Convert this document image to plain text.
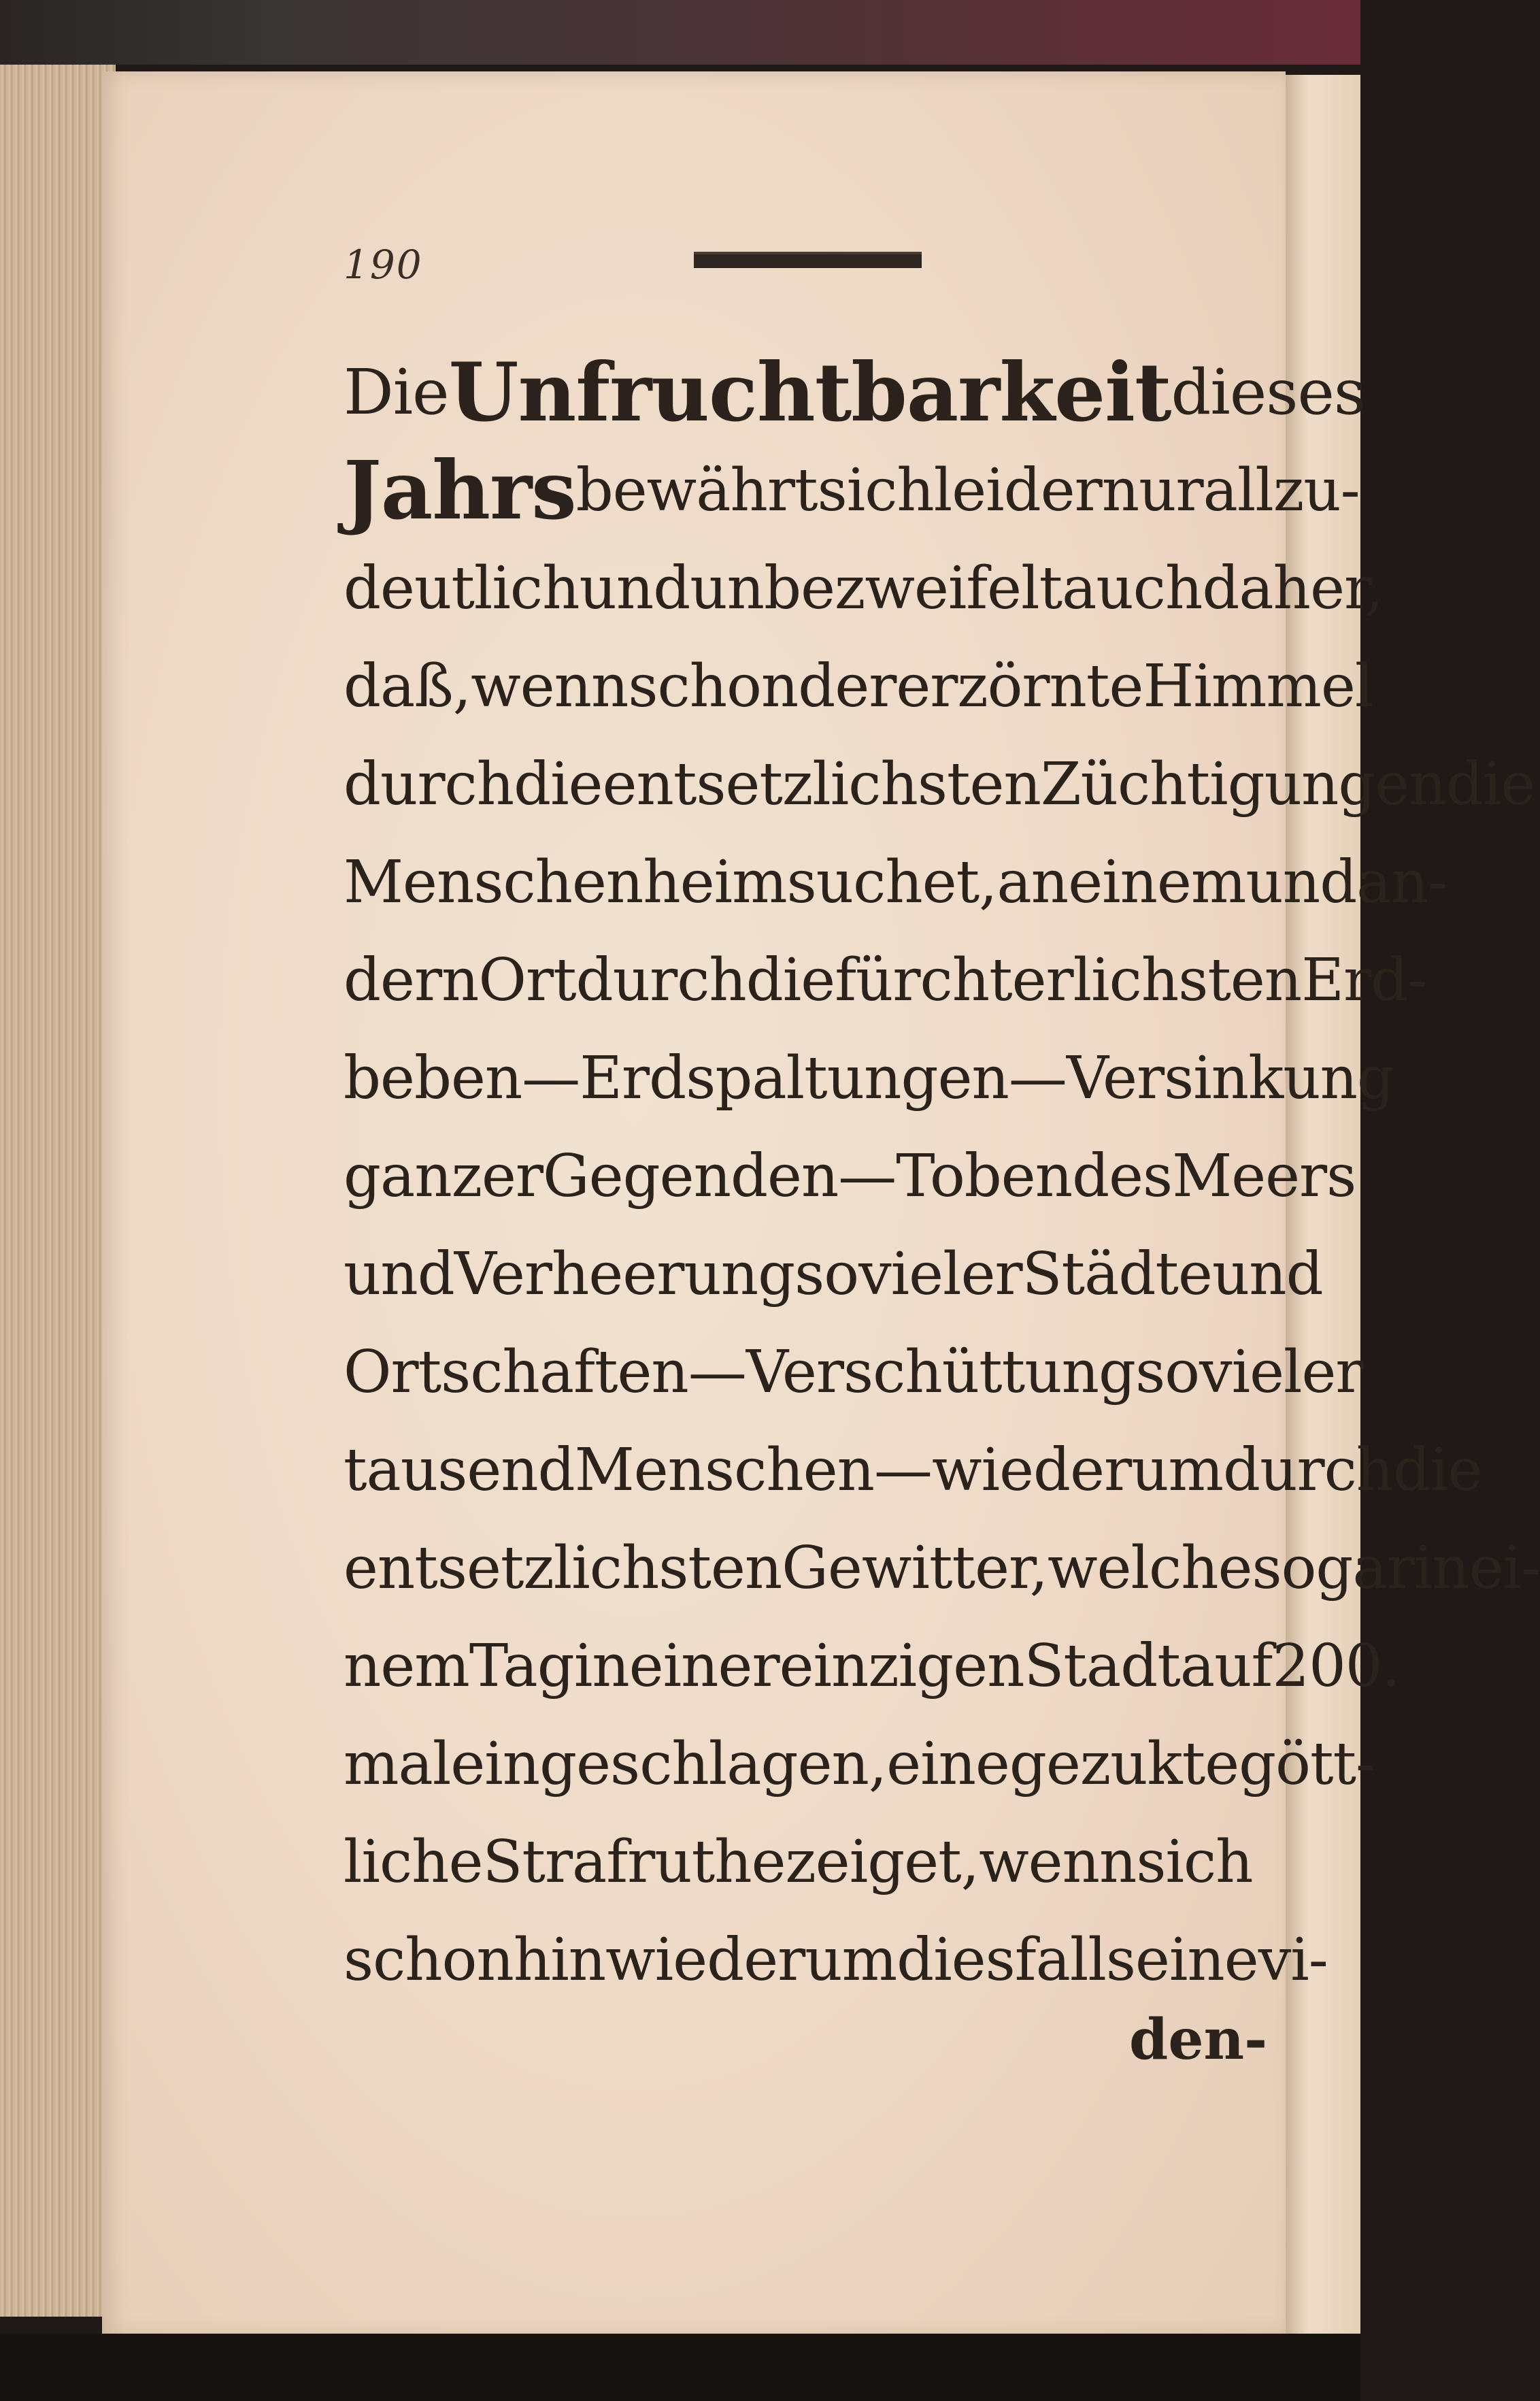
190
Die Unfruchtbarkeit dieses
Jahrs bewährt sich leider nur allzu-
deutlich und unbezweifelt auch daher,
daß, wenn schon der erzörnte Himmel
durch die entsetzlichsten Züchtigungen die
Menschen heimsuchet, an einem und an-
dern Ort durch die fürchterlichsten Erd-
beben — Erdspaltungen — Versinkung
ganzer Gegenden — Toben des Meers
und Verheerung so vieler Städte und
Ortschaften — Verschüttung so vieler
tausend Menschen — wiederum durch die
entsetzlichsten Gewitter, welche sogar in ei-
nem Tag in einer einzigen Stadt auf 200.
mal eingeschlagen, eine gezukte gött-
liche Strafruthe zeiget, wenn sich
schon hinwiederum diesfalls ein evi-
den-
